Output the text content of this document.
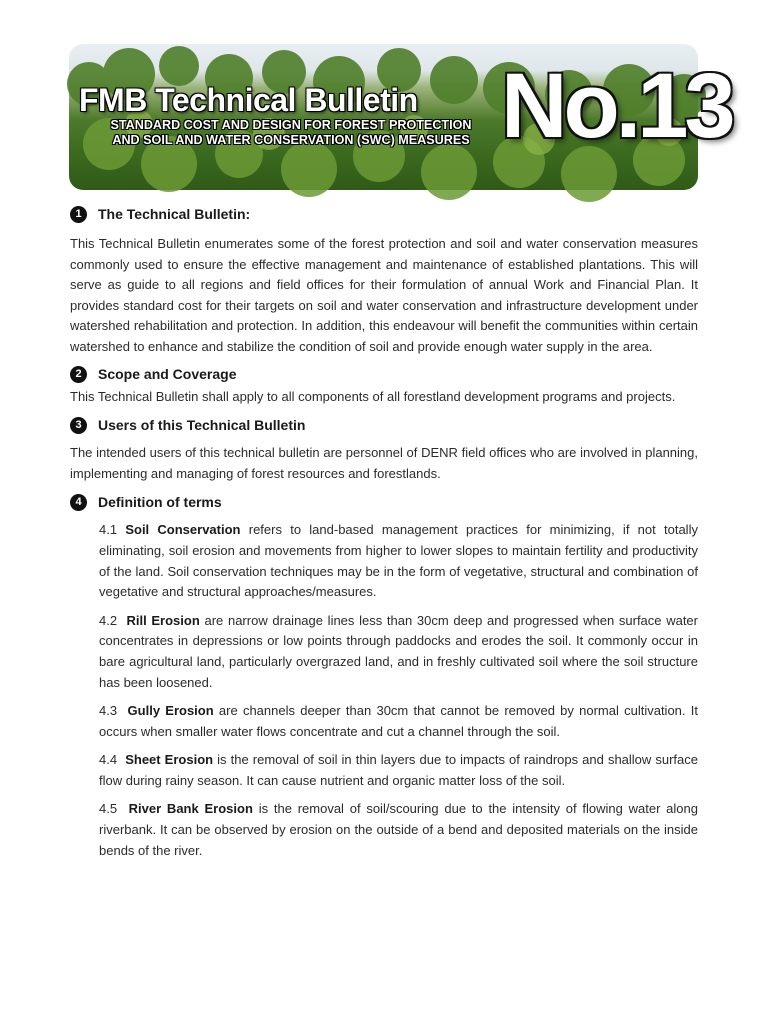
FMB Technical Bulletin
STANDARD COST AND DESIGN FOR FOREST PROTECTION
AND SOIL AND WATER CONSERVATION (SWC) MEASURES No.13
1	The Technical Bulletin:

This Technical Bulletin enumerates some of the forest protection and soil and water conservation measures commonly used to ensure the effective management and maintenance of established plantations. This will serve as guide to all regions and field offices for their formulation of annual Work and Financial Plan. It provides standard cost for their targets on soil and water conservation and infrastructure development under watershed rehabilitation and protection. In addition, this endeavour will benefit the communities within certain watershed to enhance and stabilize the condition of soil and provide enough water supply in the area.

2	Scope and Coverage

This Technical Bulletin shall apply to all components of all forestland development programs and projects.

3	Users of this Technical Bulletin

The intended users of this technical bulletin are personnel of DENR field offices who are involved in planning, implementing and managing of forest resources and forestlands.

4	Definition of terms

4.1 Soil Conservation refers to land-based management practices for minimizing, if not totally eliminating, soil erosion and movements from higher to lower slopes to maintain fertility and productivity of the land. Soil conservation techniques may be in the form of vegetative, structural and combination of vegetative and structural approaches/measures.

4.2 Rill Erosion are narrow drainage lines less than 30cm deep and progressed when surface water concentrates in depressions or low points through paddocks and erodes the soil. It commonly occur in bare agricultural land, particularly overgrazed land, and in freshly cultivated soil where the soil structure has been loosened.

4.3 Gully Erosion are channels deeper than 30cm that cannot be removed by normal cultivation. It occurs when smaller water flows concentrate and cut a channel through the soil.

4.4 Sheet Erosion is the removal of soil in thin layers due to impacts of raindrops and shallow surface flow during rainy season. It can cause nutrient and organic matter loss of the soil.

4.5 River Bank Erosion is the removal of soil/scouring due to the intensity of flowing water along riverbank. It can be observed by erosion on the outside of a bend and deposited materials on the inside bends of the river.
